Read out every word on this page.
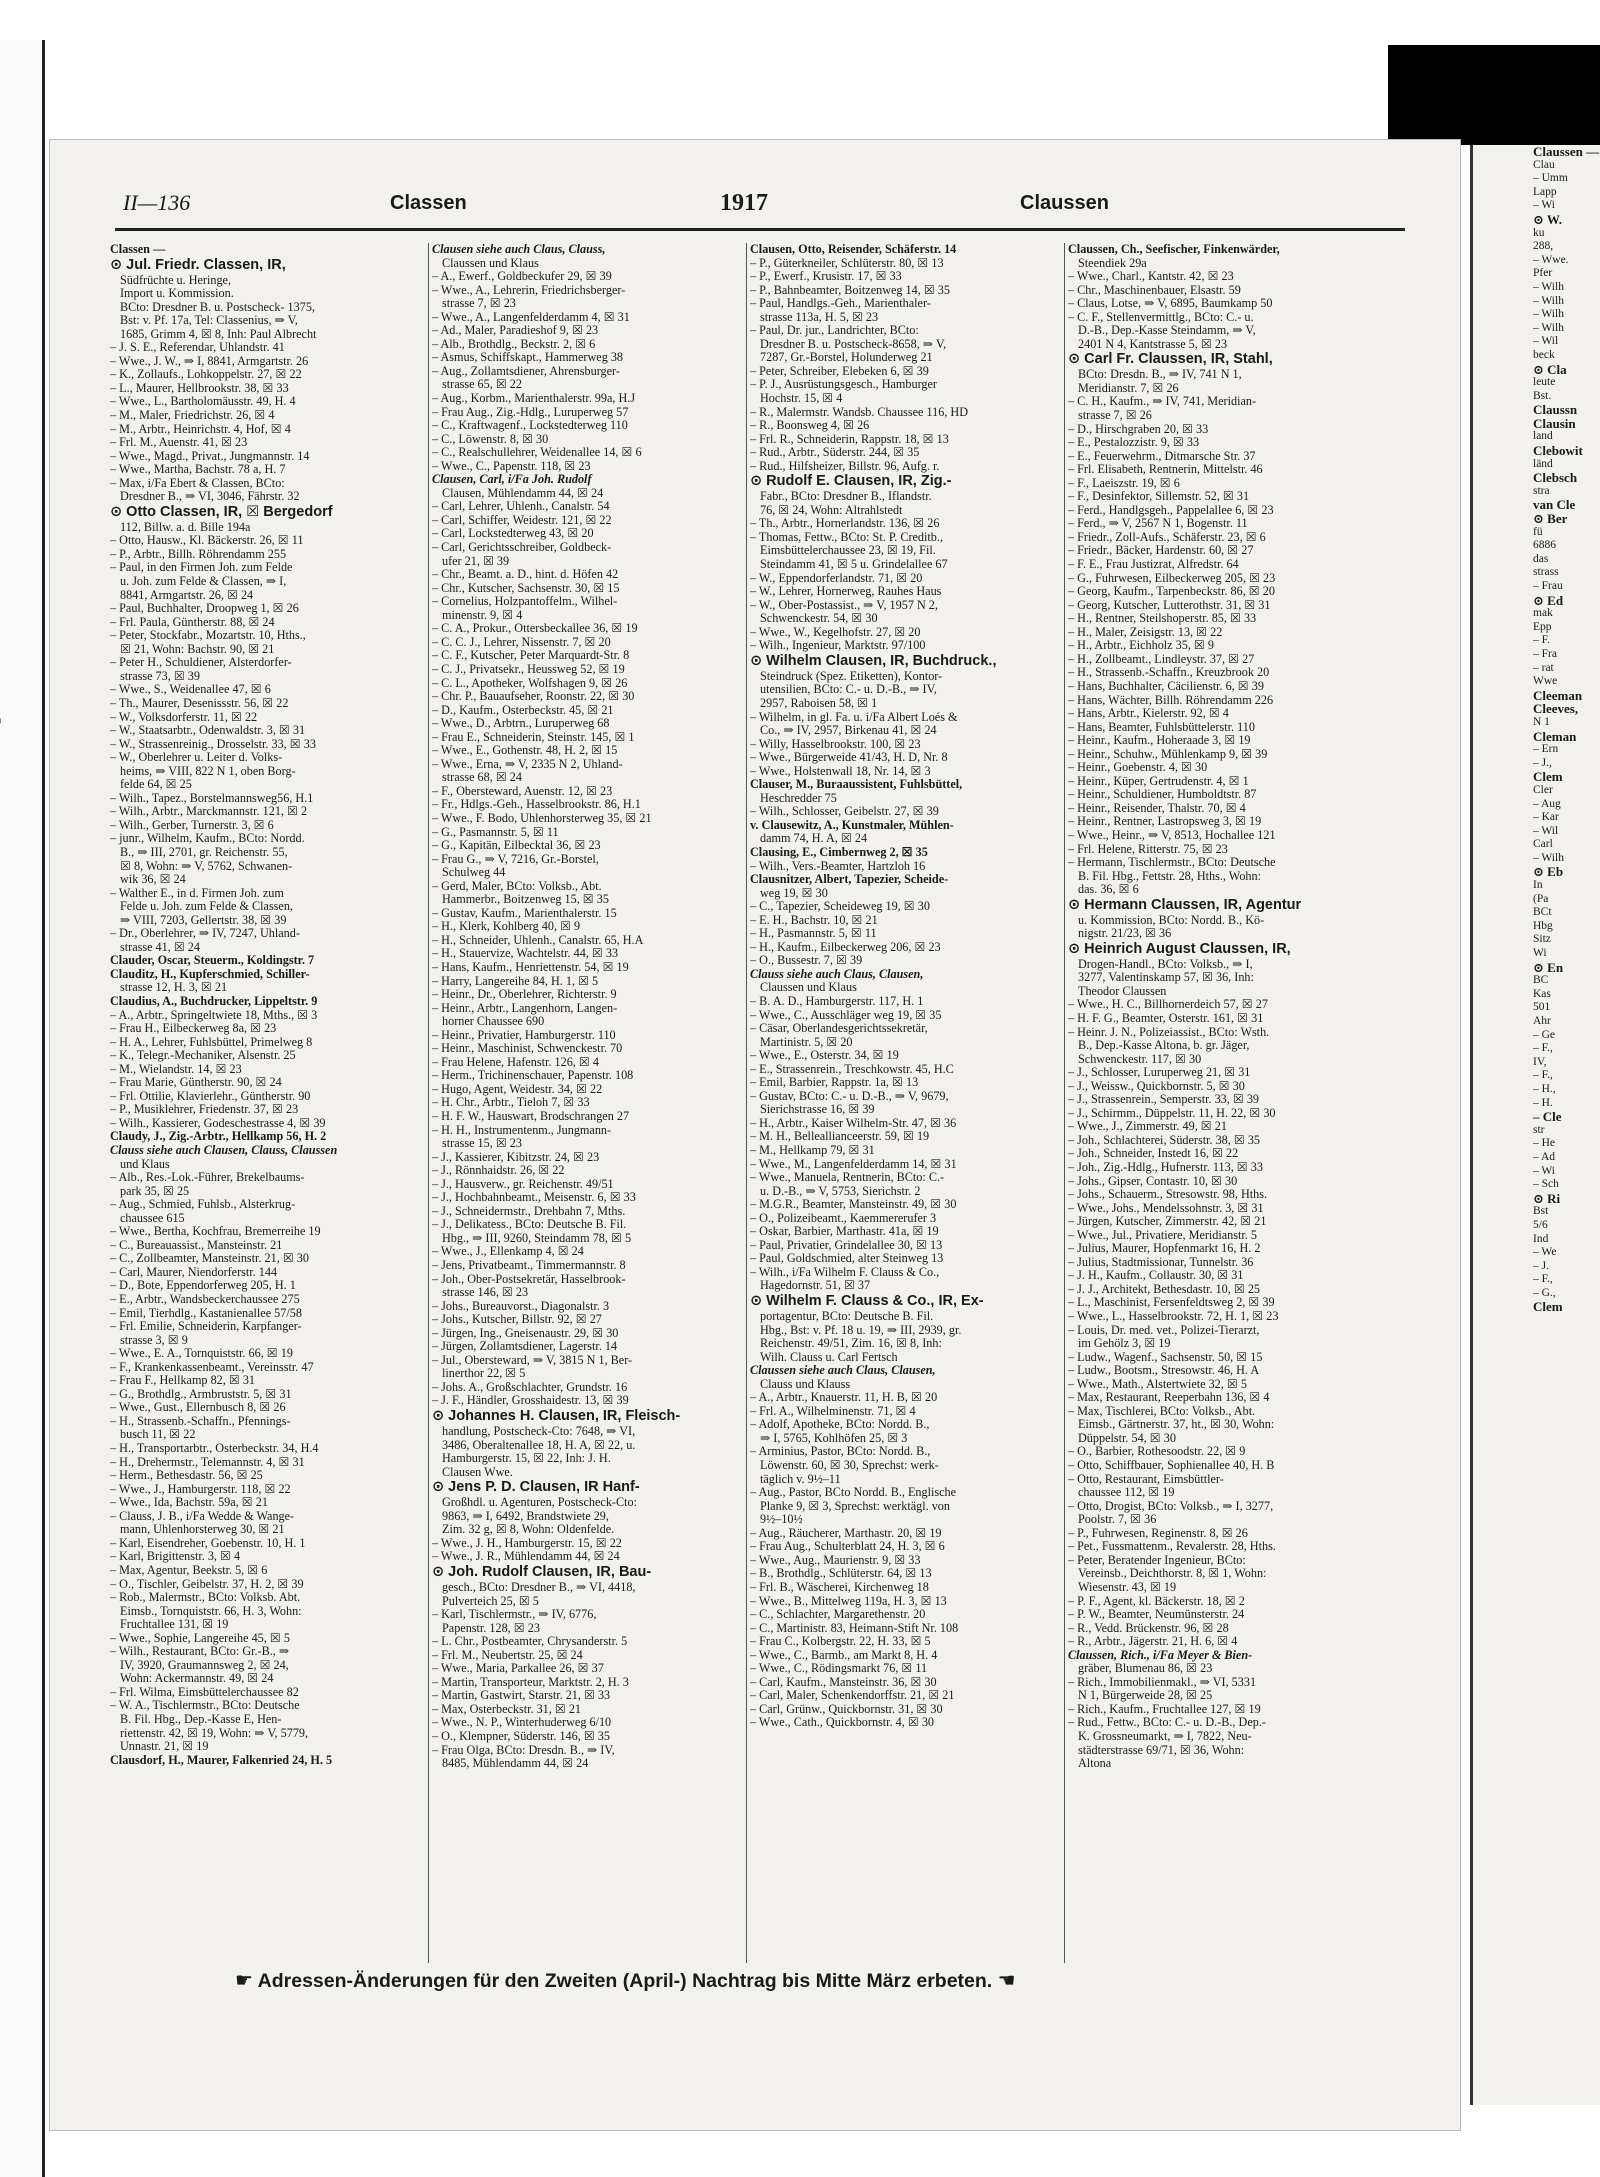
Claussen —
Clau
– Umm
Lapp
– Wi
⊙ W.
ku
288,
– Wwe.
Pfer
– Wilh
– Wilh
– Wilh
– Wilh
– Wil
beck
⊙ Cla
leute
Bst.
Claussn
Clausin
land
Clebowit
länd
Clebsch
stra
van Cle
⊙ Ber
fü
6886
das
strass
– Frau
⊙ Ed
mak
Epp
– F.
– Fra
– rat
Wwe
Cleeman
Cleeves,
N 1
Cleman
– Ern
– J.,
Clem
Cler
– Aug
– Kar
– Wil
Carl
– Wilh
⊙ Eb
In
(Pa
BCt
Hbg
Sitz
Wi
⊙ En
BC
Kas
501
Ahr
– Ge
– F.,
IV,
– F.,
– H.,
– H.
– Cle
str
– He
– Ad
– Wi
– Sch
⊙ Ri
Bst
5/6
Ind
– We
– J.
– F.,
– G.,
Clem
II—136	Classen	1917	Claussen
Classen —
⊙ Jul. Friedr. Classen, IR,
Südfrüchte u. Heringe,
Import u. Kommission.
BCto: Dresdner B. u. Postscheck- 1375,
Bst: v. Pf. 17a, Tel: Classenius, ⇒ V,
1685, Grimm 4, ☒ 8, Inh: Paul Albrecht
– J. S. E., Referendar, Uhlandstr. 41
– Wwe., J. W., ⇒ I, 8841, Armgartstr. 26
– K., Zollaufs., Lohkoppelstr. 27, ☒ 22
– L., Maurer, Hellbrookstr. 38, ☒ 33
– Wwe., L., Bartholomäusstr. 49, H. 4
– M., Maler, Friedrichstr. 26, ☒ 4
– M., Arbtr., Heinrichstr. 4, Hof, ☒ 4
– Frl. M., Auenstr. 41, ☒ 23
– Wwe., Magd., Privat., Jungmannstr. 14
– Wwe., Martha, Bachstr. 78 a, H. 7
– Max, i/Fa Ebert & Classen, BCto:
Dresdner B., ⇒ VI, 3046, Fährstr. 32
⊙ Otto Classen, IR, ☒ Bergedorf
112, Billw. a. d. Bille 194a
– Otto, Hausw., Kl. Bäckerstr. 26, ☒ 11
– P., Arbtr., Billh. Röhrendamm 255
– Paul, in den Firmen Joh. zum Felde
u. Joh. zum Felde & Classen, ⇒ I,
8841, Armgartstr. 26, ☒ 24
– Paul, Buchhalter, Droopweg 1, ☒ 26
– Frl. Paula, Güntherstr. 88, ☒ 24
– Peter, Stockfabr., Mozartstr. 10, Hths.,
☒ 21, Wohn: Bachstr. 90, ☒ 21
– Peter H., Schuldiener, Alsterdorfer-
strasse 73, ☒ 39
– Wwe., S., Weidenallee 47, ☒ 6
– Th., Maurer, Desenissstr. 56, ☒ 22
– W., Volksdorferstr. 11, ☒ 22
– W., Staatsarbtr., Odenwaldstr. 3, ☒ 31
– W., Strassenreinig., Drosselstr. 33, ☒ 33
– W., Oberlehrer u. Leiter d. Volks-
heims, ⇒ VIII, 822 N 1, oben Borg-
felde 64, ☒ 25
– Wilh., Tapez., Borstelmannsweg56, H.1
– Wilh., Arbtr., Marckmannstr. 121, ☒ 2
– Wilh., Gerber, Turnerstr. 3, ☒ 6
– junr., Wilhelm, Kaufm., BCto: Nordd.
B., ⇒ III, 2701, gr. Reichenstr. 55,
☒ 8, Wohn: ⇒ V, 5762, Schwanen-
wik 36, ☒ 24
– Walther E., in d. Firmen Joh. zum
Felde u. Joh. zum Felde & Classen,
⇒ VIII, 7203, Gellertstr. 38, ☒ 39
– Dr., Oberlehrer, ⇒ IV, 7247, Uhland-
strasse 41, ☒ 24
Clauder, Oscar, Steuerm., Koldingstr. 7
Clauditz, H., Kupferschmied, Schiller-
strasse 12, H. 3, ☒ 21
Claudius, A., Buchdrucker, Lippeltstr. 9
– A., Arbtr., Springeltwiete 18, Mths., ☒ 3
– Frau H., Eilbeckerweg 8a, ☒ 23
– H. A., Lehrer, Fuhlsbüttel, Primelweg 8
– K., Telegr.-Mechaniker, Alsenstr. 25
– M., Wielandstr. 14, ☒ 23
– Frau Marie, Güntherstr. 90, ☒ 24
– Frl. Ottilie, Klavierlehr., Güntherstr. 90
– P., Musiklehrer, Friedenstr. 37, ☒ 23
– Wilh., Kassierer, Godeschestrasse 4, ☒ 39
Claudy, J., Zig.-Arbtr., Hellkamp 56, H. 2
Clauss siehe auch Clausen, Clauss, Claussen
und Klaus
– Alb., Res.-Lok.-Führer, Brekelbaums-
park 35, ☒ 25
– Aug., Schmied, Fuhlsb., Alsterkrug-
chaussee 615
– Wwe., Bertha, Kochfrau, Bremerreihe 19
– C., Bureauassist., Mansteinstr. 21
– C., Zollbeamter, Mansteinstr. 21, ☒ 30
– Carl, Maurer, Niendorferstr. 144
– D., Bote, Eppendorferweg 205, H. 1
– E., Arbtr., Wandsbeckerchaussee 275
– Emil, Tierhdlg., Kastanienallee 57/58
– Frl. Emilie, Schneiderin, Karpfanger-
strasse 3, ☒ 9
– Wwe., E. A., Tornquiststr. 66, ☒ 19
– F., Krankenkassenbeamt., Vereinsstr. 47
– Frau F., Hellkamp 82, ☒ 31
– G., Brothdlg., Armbruststr. 5, ☒ 31
– Wwe., Gust., Ellernbusch 8, ☒ 26
– H., Strassenb.-Schaffn., Pfennings-
busch 11, ☒ 22
– H., Transportarbtr., Osterbeckstr. 34, H.4
– H., Drehermstr., Telemannstr. 4, ☒ 31
– Herm., Bethesdastr. 56, ☒ 25
– Wwe., J., Hamburgerstr. 118, ☒ 22
– Wwe., Ida, Bachstr. 59a, ☒ 21
– Clauss, J. B., i/Fa Wedde & Wange-
mann, Uhlenhorsterweg 30, ☒ 21
– Karl, Eisendreher, Goebenstr. 10, H. 1
– Karl, Brigittenstr. 3, ☒ 4
– Max, Agentur, Beekstr. 5, ☒ 6
– O., Tischler, Geibelstr. 37, H. 2, ☒ 39
– Rob., Malermstr., BCto: Volksb. Abt.
Eimsb., Tornquiststr. 66, H. 3, Wohn:
Fruchtallee 131, ☒ 19
– Wwe., Sophie, Langereihe 45, ☒ 5
– Wilh., Restaurant, BCto: Gr.-B., ⇒
IV, 3920, Graumannsweg 2, ☒ 24,
Wohn: Ackermannstr. 49, ☒ 24
– Frl. Wilma, Eimsbüttelerchaussee 82
– W. A., Tischlermstr., BCto: Deutsche
B. Fil. Hbg., Dep.-Kasse E, Hen-
riettenstr. 42, ☒ 19, Wohn: ⇒ V, 5779,
Unnastr. 21, ☒ 19
Clausdorf, H., Maurer, Falkenried 24, H. 5
Clausen siehe auch Claus, Clauss,
Claussen und Klaus
– A., Ewerf., Goldbeckufer 29, ☒ 39
– Wwe., A., Lehrerin, Friedrichsberger-
strasse 7, ☒ 23
– Wwe., A., Langenfelderdamm 4, ☒ 31
– Ad., Maler, Paradieshof 9, ☒ 23
– Alb., Brothdlg., Beckstr. 2, ☒ 6
– Asmus, Schiffskapt., Hammerweg 38
– Aug., Zollamtsdiener, Ahrensburger-
strasse 65, ☒ 22
– Aug., Korbm., Marienthalerstr. 99a, H.J
– Frau Aug., Zig.-Hdlg., Luruperweg 57
– C., Kraftwagenf., Lockstedterweg 110
– C., Löwenstr. 8, ☒ 30
– C., Realschullehrer, Weidenallee 14, ☒ 6
– Wwe., C., Papenstr. 118, ☒ 23
Clausen, Carl, i/Fa Joh. Rudolf
Clausen, Mühlendamm 44, ☒ 24
– Carl, Lehrer, Uhlenh., Canalstr. 54
– Carl, Schiffer, Weidestr. 121, ☒ 22
– Carl, Lockstedterweg 43, ☒ 20
– Carl, Gerichtsschreiber, Goldbeck-
ufer 21, ☒ 39
– Chr., Beamt. a. D., hint. d. Höfen 42
– Chr., Kutscher, Sachsenstr. 30, ☒ 15
– Cornelius, Holzpantoffelm., Wilhel-
minenstr. 9, ☒ 4
– C. A., Prokur., Ottersbeckallee 36, ☒ 19
– C. C. J., Lehrer, Nissenstr. 7, ☒ 20
– C. F., Kutscher, Peter Marquardt-Str. 8
– C. J., Privatsekr., Heussweg 52, ☒ 19
– C. L., Apotheker, Wolfshagen 9, ☒ 26
– Chr. P., Bauaufseher, Roonstr. 22, ☒ 30
– D., Kaufm., Osterbeckstr. 45, ☒ 21
– Wwe., D., Arbtrn., Luruperweg 68
– Frau E., Schneiderin, Steinstr. 145, ☒ 1
– Wwe., E., Gothenstr. 48, H. 2, ☒ 15
– Wwe., Erna, ⇒ V, 2335 N 2, Uhland-
strasse 68, ☒ 24
– F., Obersteward, Auenstr. 12, ☒ 23
– Fr., Hdlgs.-Geh., Hasselbrookstr. 86, H.1
– Wwe., F. Bodo, Uhlenhorsterweg 35, ☒ 21
– G., Pasmannstr. 5, ☒ 11
– G., Kapitän, Eilbecktal 36, ☒ 23
– Frau G., ⇒ V, 7216, Gr.-Borstel,
Schulweg 44
– Gerd, Maler, BCto: Volksb., Abt.
Hammerbr., Boitzenweg 15, ☒ 35
– Gustav, Kaufm., Marienthalerstr. 15
– H., Klerk, Kohlberg 40, ☒ 9
– H., Schneider, Uhlenh., Canalstr. 65, H.A
– H., Stauervize, Wachtelstr. 44, ☒ 33
– Hans, Kaufm., Henriettenstr. 54, ☒ 19
– Harry, Langereihe 84, H. 1, ☒ 5
– Heinr., Dr., Oberlehrer, Richterstr. 9
– Heinr., Arbtr., Langenhorn, Langen-
horner Chaussee 690
– Heinr., Privatier, Hamburgerstr. 110
– Heinr., Maschinist, Schwenckestr. 70
– Frau Helene, Hafenstr. 126, ☒ 4
– Herm., Trichinenschauer, Papenstr. 108
– Hugo, Agent, Weidestr. 34, ☒ 22
– H. Chr., Arbtr., Tieloh 7, ☒ 33
– H. F. W., Hauswart, Brodschrangen 27
– H. H., Instrumentenm., Jungmann-
strasse 15, ☒ 23
– J., Kassierer, Kibitzstr. 24, ☒ 23
– J., Rönnhaidstr. 26, ☒ 22
– J., Hausverw., gr. Reichenstr. 49/51
– J., Hochbahnbeamt., Meisenstr. 6, ☒ 33
– J., Schneidermstr., Drehbahn 7, Mths.
– J., Delikatess., BCto: Deutsche B. Fil.
Hbg., ⇒ III, 9260, Steindamm 78, ☒ 5
– Wwe., J., Ellenkamp 4, ☒ 24
– Jens, Privatbeamt., Timmermannstr. 8
– Joh., Ober-Postsekretär, Hasselbrook-
strasse 146, ☒ 23
– Johs., Bureauvorst., Diagonalstr. 3
– Johs., Kutscher, Billstr. 92, ☒ 27
– Jürgen, Ing., Gneisenaustr. 29, ☒ 30
– Jürgen, Zollamtsdiener, Lagerstr. 14
– Jul., Obersteward, ⇒ V, 3815 N 1, Ber-
linerthor 22, ☒ 5
– Johs. A., Großschlachter, Grundstr. 16
– J. F., Händler, Grosshaidestr. 13, ☒ 39
⊙ Johannes H. Clausen, IR, Fleisch-
handlung, Postscheck-Cto: 7648, ⇒ VI,
3486, Oberaltenallee 18, H. A, ☒ 22, u.
Hamburgerstr. 15, ☒ 22, Inh: J. H.
Clausen Wwe.
⊙ Jens P. D. Clausen, IR Hanf-
Großhdl. u. Agenturen, Postscheck-Cto:
9863, ⇒ I, 6492, Brandstwiete 29,
Zim. 32 g, ☒ 8, Wohn: Oldenfelde.
– Wwe., J. H., Hamburgerstr. 15, ☒ 22
– Wwe., J. R., Mühlendamm 44, ☒ 24
⊙ Joh. Rudolf Clausen, IR, Bau-
gesch., BCto: Dresdner B., ⇒ VI, 4418,
Pulverteich 25, ☒ 5
– Karl, Tischlermstr., ⇒ IV, 6776,
Papenstr. 128, ☒ 23
– L. Chr., Postbeamter, Chrysanderstr. 5
– Frl. M., Neubertstr. 25, ☒ 24
– Wwe., Maria, Parkallee 26, ☒ 37
– Martin, Transporteur, Marktstr. 2, H. 3
– Martin, Gastwirt, Starstr. 21, ☒ 33
– Max, Osterbeckstr. 31, ☒ 21
– Wwe., N. P., Winterhuderweg 6/10
– O., Klempner, Süderstr. 146, ☒ 35
– Frau Olga, BCto: Dresdn. B., ⇒ IV,
8485, Mühlendamm 44, ☒ 24
Clausen, Otto, Reisender, Schäferstr. 14
– P., Güterkneiler, Schlüterstr. 80, ☒ 13
– P., Ewerf., Krusistr. 17, ☒ 33
– P., Bahnbeamter, Boitzenweg 14, ☒ 35
– Paul, Handlgs.-Geh., Marienthaler-
strasse 113a, H. 5, ☒ 23
– Paul, Dr. jur., Landrichter, BCto:
Dresdner B. u. Postscheck-8658, ⇒ V,
7287, Gr.-Borstel, Holunderweg 21
– Peter, Schreiber, Elebeken 6, ☒ 39
– P. J., Ausrüstungsgesch., Hamburger
Hochstr. 15, ☒ 4
– R., Malermstr. Wandsb. Chaussee 116, HD
– R., Boonsweg 4, ☒ 26
– Frl. R., Schneiderin, Rappstr. 18, ☒ 13
– Rud., Arbtr., Süderstr. 244, ☒ 35
– Rud., Hilfsheizer, Billstr. 96, Aufg. r.
⊙ Rudolf E. Clausen, IR, Zig.-
Fabr., BCto: Dresdner B., Iflandstr.
76, ☒ 24, Wohn: Altrahlstedt
– Th., Arbtr., Hornerlandstr. 136, ☒ 26
– Thomas, Fettw., BCto: St. P. Creditb.,
Eimsbüttelerchaussee 23, ☒ 19, Fil.
Steindamm 41, ☒ 5 u. Grindelallee 67
– W., Eppendorferlandstr. 71, ☒ 20
– W., Lehrer, Hornerweg, Rauhes Haus
– W., Ober-Postassist., ⇒ V, 1957 N 2,
Schwenckestr. 54, ☒ 30
– Wwe., W., Kegelhofstr. 27, ☒ 20
– Wilh., Ingenieur, Marktstr. 97/100
⊙ Wilhelm Clausen, IR, Buchdruck.,
Steindruck (Spez. Etiketten), Kontor-
utensilien, BCto: C.- u. D.-B., ⇒ IV,
2957, Raboisen 58, ☒ 1
– Wilhelm, in gl. Fa. u. i/Fa Albert Loés &
Co., ⇒ IV, 2957, Birkenau 41, ☒ 24
– Willy, Hasselbrookstr. 100, ☒ 23
– Wwe., Bürgerweide 41/43, H. D, Nr. 8
– Wwe., Holstenwall 18, Nr. 14, ☒ 3
Clauser, M., Buraaussistent, Fuhlsbüttel,
Heschredder 75
– Wilh., Schlosser, Geibelstr. 27, ☒ 39
v. Clausewitz, A., Kunstmaler, Mühlen-
damm 74, H. A, ☒ 24
Clausing, E., Cimbernweg 2, ☒ 35
– Wilh., Vers.-Beamter, Hartzloh 16
Clausnitzer, Albert, Tapezier, Scheide-
weg 19, ☒ 30
– C., Tapezier, Scheideweg 19, ☒ 30
– E. H., Bachstr. 10, ☒ 21
– H., Pasmannstr. 5, ☒ 11
– H., Kaufm., Eilbeckerweg 206, ☒ 23
– O., Bussestr. 7, ☒ 39
Clauss siehe auch Claus, Clausen,
Claussen und Klaus
– B. A. D., Hamburgerstr. 117, H. 1
– Wwe., C., Ausschläger weg 19, ☒ 35
– Cäsar, Oberlandesgerichtssekretär,
Martinistr. 5, ☒ 20
– Wwe., E., Osterstr. 34, ☒ 19
– E., Strassenrein., Treschkowstr. 45, H.C
– Emil, Barbier, Rappstr. 1a, ☒ 13
– Gustav, BCto: C.- u. D.-B., ⇒ V, 9679,
Sierichstrasse 16, ☒ 39
– H., Arbtr., Kaiser Wilhelm-Str. 47, ☒ 36
– M. H., Belleallianceerstr. 59, ☒ 19
– M., Hellkamp 79, ☒ 31
– Wwe., M., Langenfelderdamm 14, ☒ 31
– Wwe., Manuela, Rentnerin, BCto: C.-
u. D.-B., ⇒ V, 5753, Sierichstr. 2
– M.G.R., Beamter, Mansteinstr. 49, ☒ 30
– O., Polizeibeamt., Kaemmererufer 3
– Oskar, Barbier, Marthastr. 41a, ☒ 19
– Paul, Privatier, Grindelallee 30, ☒ 13
– Paul, Goldschmied, alter Steinweg 13
– Wilh., i/Fa Wilhelm F. Clauss & Co.,
Hagedornstr. 51, ☒ 37
⊙ Wilhelm F. Clauss & Co., IR, Ex-
portagentur, BCto: Deutsche B. Fil.
Hbg., Bst: v. Pf. 18 u. 19, ⇒ III, 2939, gr.
Reichenstr. 49/51, Zim. 16, ☒ 8, Inh:
Wilh. Clauss u. Carl Fertsch
Claussen siehe auch Claus, Clausen,
Clauss und Klauss
– A., Arbtr., Knauerstr. 11, H. B, ☒ 20
– Frl. A., Wilhelminenstr. 71, ☒ 4
– Adolf, Apotheke, BCto: Nordd. B.,
⇒ I, 5765, Kohlhöfen 25, ☒ 3
– Arminius, Pastor, BCto: Nordd. B.,
Löwenstr. 60, ☒ 30, Sprechst: werk-
täglich v. 9½–11
– Aug., Pastor, BCto Nordd. B., Englische
Planke 9, ☒ 3, Sprechst: werktägl. von
9½–10½
– Aug., Räucherer, Marthastr. 20, ☒ 19
– Frau Aug., Schulterblatt 24, H. 3, ☒ 6
– Wwe., Aug., Maurienstr. 9, ☒ 33
– B., Brothdlg., Schlüterstr. 64, ☒ 13
– Frl. B., Wäscherei, Kirchenweg 18
– Wwe., B., Mittelweg 119a, H. 3, ☒ 13
– C., Schlachter, Margarethenstr. 20
– C., Martinistr. 83, Heimann-Stift Nr. 108
– Frau C., Kolbergstr. 22, H. 33, ☒ 5
– Wwe., C., Barmb., am Markt 8, H. 4
– Wwe., C., Rödingsmarkt 76, ☒ 11
– Carl, Kaufm., Mansteinstr. 36, ☒ 30
– Carl, Maler, Schenkendorffstr. 21, ☒ 21
– Carl, Grünw., Quickbornstr. 31, ☒ 30
– Wwe., Cath., Quickbornstr. 4, ☒ 30
Claussen, Ch., Seefischer, Finkenwärder,
Steendiek 29a
– Wwe., Charl., Kantstr. 42, ☒ 23
– Chr., Maschinenbauer, Elsastr. 59
– Claus, Lotse, ⇒ V, 6895, Baumkamp 50
– C. F., Stellenvermittlg., BCto: C.- u.
D.-B., Dep.-Kasse Steindamm, ⇒ V,
2401 N 4, Kantstrasse 5, ☒ 23
⊙ Carl Fr. Claussen, IR, Stahl,
BCto: Dresdn. B., ⇒ IV, 741 N 1,
Meridianstr. 7, ☒ 26
– C. H., Kaufm., ⇒ IV, 741, Meridian-
strasse 7, ☒ 26
– D., Hirschgraben 20, ☒ 33
– E., Pestalozzistr. 9, ☒ 33
– E., Feuerwehrm., Ditmarsche Str. 37
– Frl. Elisabeth, Rentnerin, Mittelstr. 46
– F., Laeiszstr. 19, ☒ 6
– F., Desinfektor, Sillemstr. 52, ☒ 31
– Ferd., Handlgsgeh., Pappelallee 6, ☒ 23
– Ferd., ⇒ V, 2567 N 1, Bogenstr. 11
– Friedr., Zoll-Aufs., Schäferstr. 23, ☒ 6
– Friedr., Bäcker, Hardenstr. 60, ☒ 27
– F. E., Frau Justizrat, Alfredstr. 64
– G., Fuhrwesen, Eilbeckerweg 205, ☒ 23
– Georg, Kaufm., Tarpenbeckstr. 86, ☒ 20
– Georg, Kutscher, Lutterothstr. 31, ☒ 31
– H., Rentner, Steilshoperstr. 85, ☒ 33
– H., Maler, Zeisigstr. 13, ☒ 22
– H., Arbtr., Eichholz 35, ☒ 9
– H., Zollbeamt., Lindleystr. 37, ☒ 27
– H., Strassenb.-Schaffn., Kreuzbrook 20
– Hans, Buchhalter, Cäcilienstr. 6, ☒ 39
– Hans, Wächter, Billh. Röhrendamm 226
– Hans, Arbtr., Kielerstr. 92, ☒ 4
– Hans, Beamter, Fuhlsbüttelerstr. 110
– Heinr., Kaufm., Hoheraade 3, ☒ 19
– Heinr., Schuhw., Mühlenkamp 9, ☒ 39
– Heinr., Goebenstr. 4, ☒ 30
– Heinr., Küper, Gertrudenstr. 4, ☒ 1
– Heinr., Schuldiener, Humboldtstr. 87
– Heinr., Reisender, Thalstr. 70, ☒ 4
– Heinr., Rentner, Lastropsweg 3, ☒ 19
– Wwe., Heinr., ⇒ V, 8513, Hochallee 121
– Frl. Helene, Ritterstr. 75, ☒ 23
– Hermann, Tischlermstr., BCto: Deutsche
B. Fil. Hbg., Fettstr. 28, Hths., Wohn:
das. 36, ☒ 6
⊙ Hermann Claussen, IR, Agentur
u. Kommission, BCto: Nordd. B., Kö-
nigstr. 21/23, ☒ 36
⊙ Heinrich August Claussen, IR,
Drogen-Handl., BCto: Volksb., ⇒ I,
3277, Valentinskamp 57, ☒ 36, Inh:
Theodor Claussen
– Wwe., H. C., Billhornerdeich 57, ☒ 27
– H. F. G., Beamter, Osterstr. 161, ☒ 31
– Heinr. J. N., Polizeiassist., BCto: Wsth.
B., Dep.-Kasse Altona, b. gr. Jäger,
Schwenckestr. 117, ☒ 30
– J., Schlosser, Luruperweg 21, ☒ 31
– J., Weissw., Quickbornstr. 5, ☒ 30
– J., Strassenrein., Semperstr. 33, ☒ 39
– J., Schirmm., Düppelstr. 11, H. 22, ☒ 30
– Wwe., J., Zimmerstr. 49, ☒ 21
– Joh., Schlachterei, Süderstr. 38, ☒ 35
– Joh., Schneider, Instedt 16, ☒ 22
– Joh., Zig.-Hdlg., Hufnerstr. 113, ☒ 33
– Johs., Gipser, Contastr. 10, ☒ 30
– Johs., Schauerm., Stresowstr. 98, Hths.
– Wwe., Johs., Mendelssohnstr. 3, ☒ 31
– Jürgen, Kutscher, Zimmerstr. 42, ☒ 21
– Wwe., Jul., Privatiere, Meridianstr. 5
– Julius, Maurer, Hopfenmarkt 16, H. 2
– Julius, Stadtmissionar, Tunnelstr. 36
– J. H., Kaufm., Collaustr. 30, ☒ 31
– J. J., Architekt, Bethesdastr. 10, ☒ 25
– L., Maschinist, Fersenfeldtsweg 2, ☒ 39
– Wwe., L., Hasselbrookstr. 72, H. 1, ☒ 23
– Louis, Dr. med. vet., Polizei-Tierarzt,
im Gehölz 3, ☒ 19
– Ludw., Wagenf., Sachsenstr. 50, ☒ 15
– Ludw., Bootsm., Stresowstr. 46, H. A
– Wwe., Math., Alstertwiete 32, ☒ 5
– Max, Restaurant, Reeperbahn 136, ☒ 4
– Max, Tischlerei, BCto: Volksb., Abt.
Eimsb., Gärtnerstr. 37, ht., ☒ 30, Wohn:
Düppelstr. 54, ☒ 30
– O., Barbier, Rothesoodstr. 22, ☒ 9
– Otto, Schiffbauer, Sophienallee 40, H. B
– Otto, Restaurant, Eimsbüttler-
chaussee 112, ☒ 19
– Otto, Drogist, BCto: Volksb., ⇒ I, 3277,
Poolstr. 7, ☒ 36
– P., Fuhrwesen, Reginenstr. 8, ☒ 26
– Pet., Fussmattenm., Revalerstr. 28, Hths.
– Peter, Beratender Ingenieur, BCto:
Vereinsb., Deichthorstr. 8, ☒ 1, Wohn:
Wiesenstr. 43, ☒ 19
– P. F., Agent, kl. Bäckerstr. 18, ☒ 2
– P. W., Beamter, Neumünsterstr. 24
– R., Vedd. Brückenstr. 96, ☒ 28
– R., Arbtr., Jägerstr. 21, H. 6, ☒ 4
Claussen, Rich., i/Fa Meyer & Bien-
gräber, Blumenau 86, ☒ 23
– Rich., Immobilienmakl., ⇒ VI, 5331
N 1, Bürgerweide 28, ☒ 25
– Rich., Kaufm., Fruchtallee 127, ☒ 19
– Rud., Fettw., BCto: C.- u. D.-B., Dep.-
K. Grossneumarkt, ⇒ I, 7822, Neu-
städterstrasse 69/71, ☒ 36, Wohn:
Altona
☛ Adressen-Änderungen für den Zweiten (April-) Nachtrag bis Mitte März erbeten. ☚
